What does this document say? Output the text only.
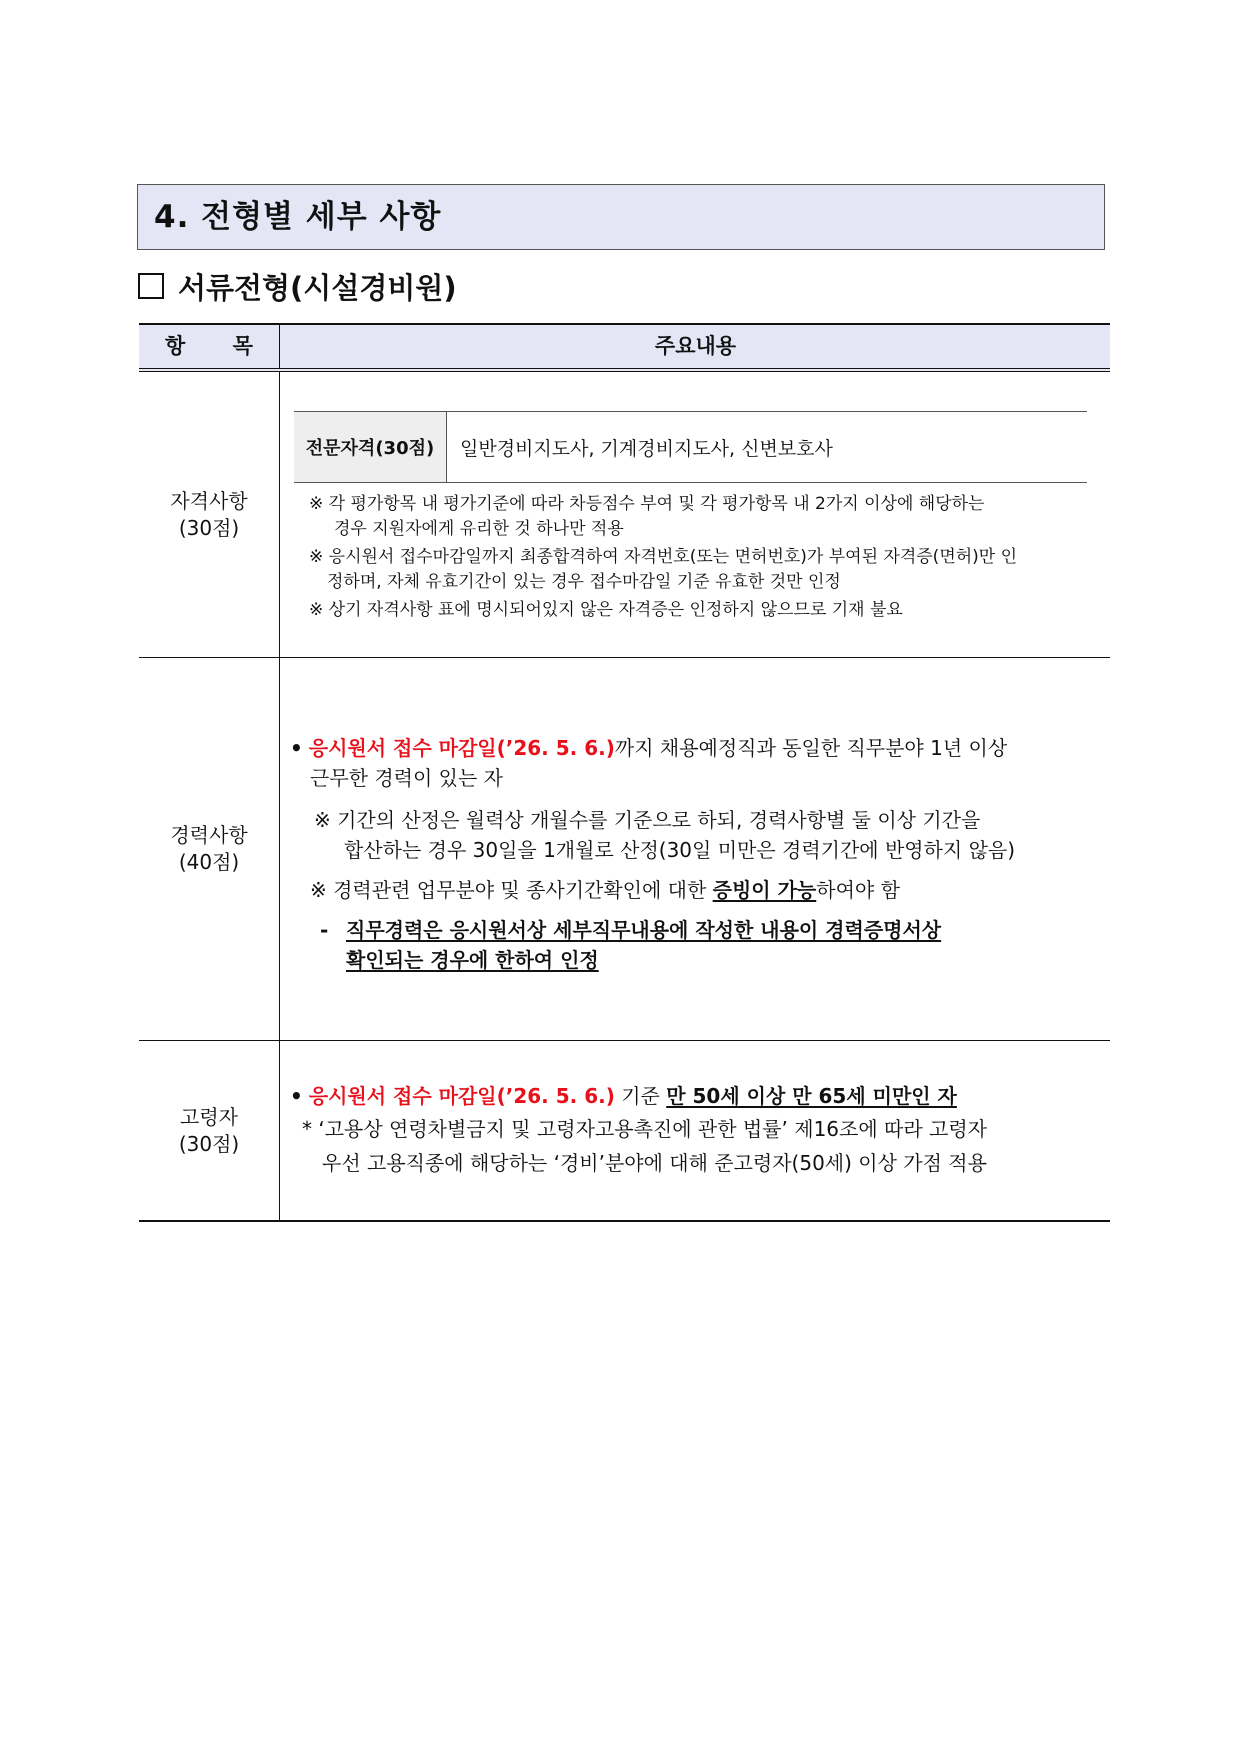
4. 전형별 세부 사항
서류전형(시설경비원)
항 목	주요내용
자격사항
(30점)
전문자격(30점)	일반경비지도사, 기계경비지도사, 신변보호사
※ 각 평가항목 내 평가기준에 따라 차등점수 부여 및 각 평가항목 내 2가지 이상에 해당하는
경우 지원자에게 유리한 것 하나만 적용
※ 응시원서 접수마감일까지 최종합격하여 자격번호(또는 면허번호)가 부여된 자격증(면허)만 인
정하며, 자체 유효기간이 있는 경우 접수마감일 기준 유효한 것만 인정
※ 상기 자격사항 표에 명시되어있지 않은 자격증은 인정하지 않으므로 기재 불요
경력사항
(40점)
• 응시원서 접수 마감일(’26. 5. 6.)까지 채용예정직과 동일한 직무분야 1년 이상
근무한 경력이 있는 자
※ 기간의 산정은 월력상 개월수를 기준으로 하되, 경력사항별 둘 이상 기간을
합산하는 경우 30일을 1개월로 산정(30일 미만은 경력기간에 반영하지 않음)
※ 경력관련 업무분야 및 종사기간확인에 대한 증빙이 가능하여야 함
- 직무경력은 응시원서상 세부직무내용에 작성한 내용이 경력증명서상
확인되는 경우에 한하여 인정
고령자
(30점)
• 응시원서 접수 마감일(’26. 5. 6.) 기준 만 50세 이상 만 65세 미만인 자
* ‘고용상 연령차별금지 및 고령자고용촉진에 관한 법률’ 제16조에 따라 고령자
우선 고용직종에 해당하는 ‘경비’분야에 대해 준고령자(50세) 이상 가점 적용
